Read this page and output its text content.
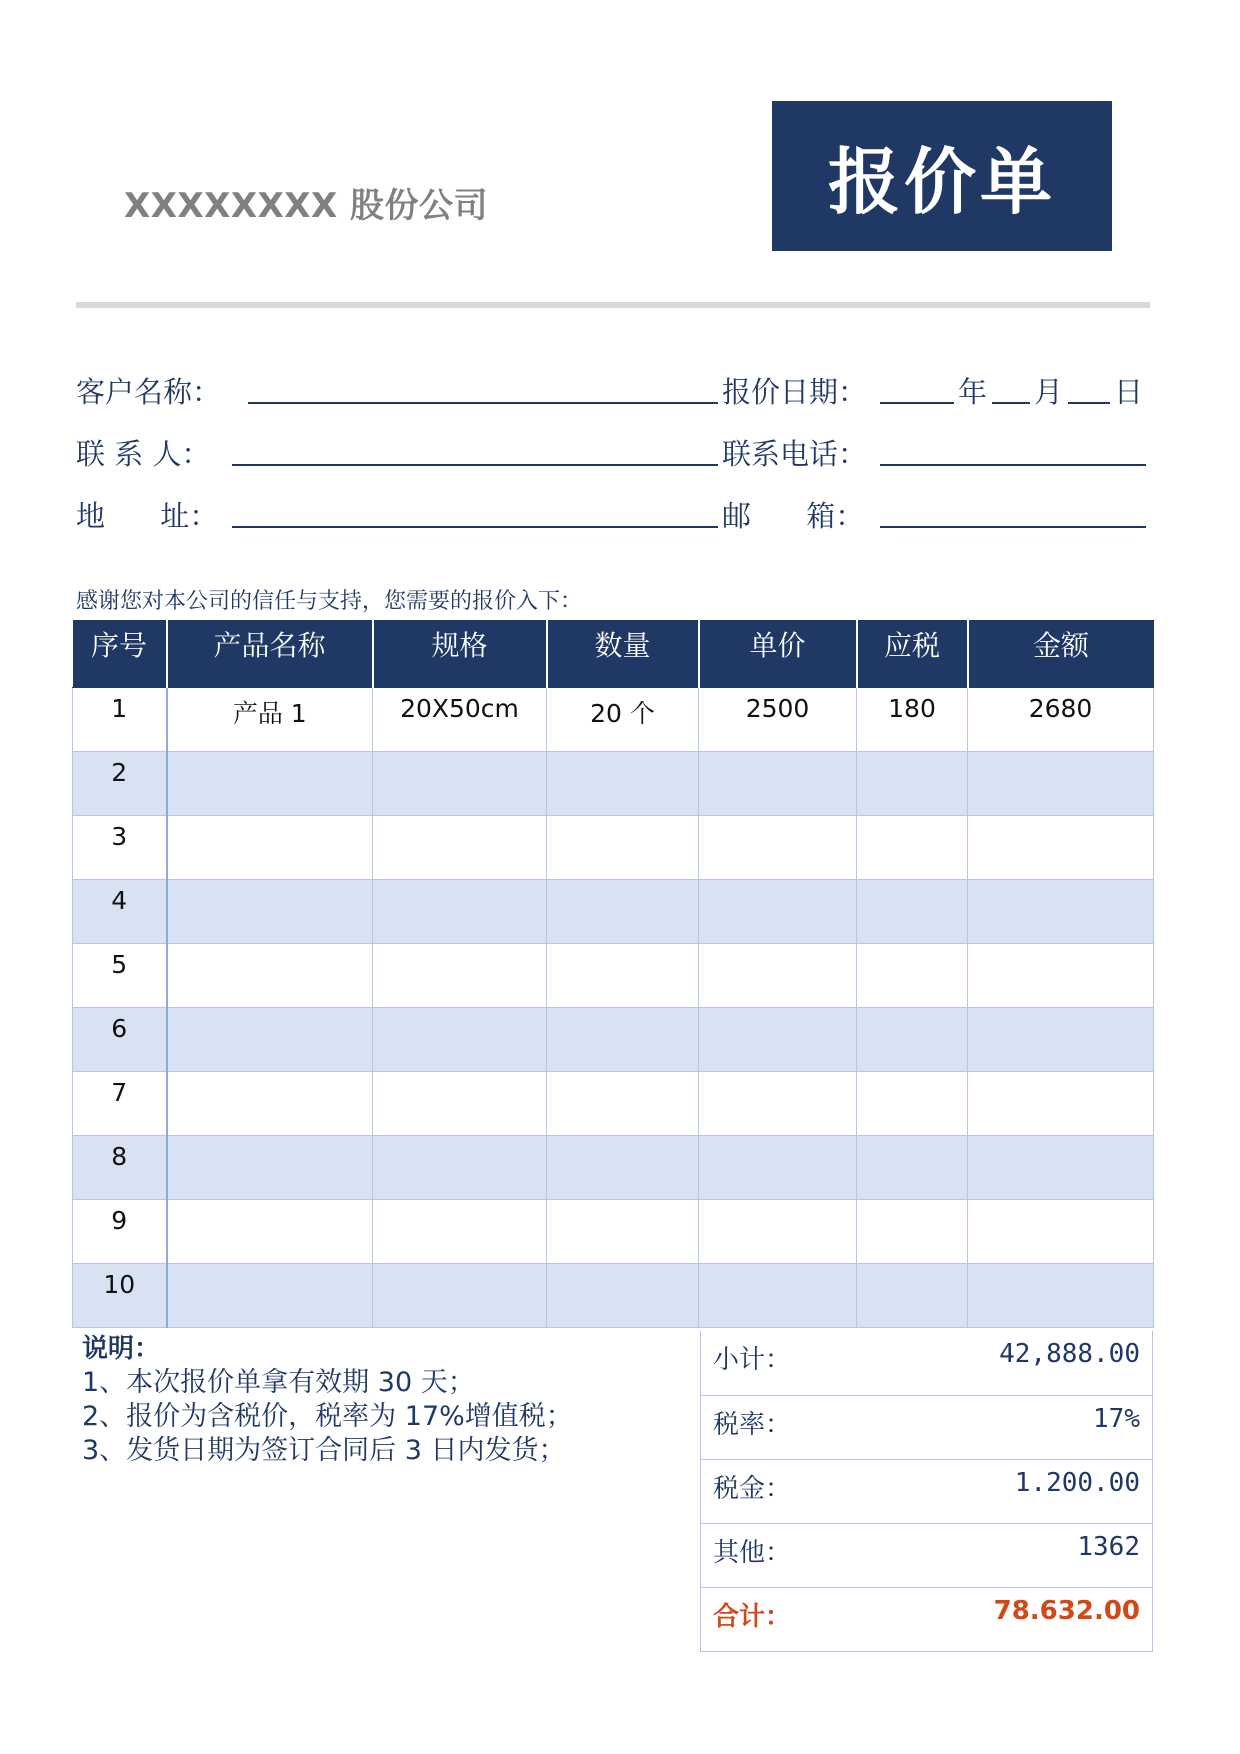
XXXXXXXX 股份公司	报价单
客户名称：	报价日期：	年 月 日
联 系 人：	联系电话：
地      址：	邮      箱：
感谢您对本公司的信任与支持，您需要的报价入下：
序号	产品名称	规格	数量	单价	应税	金额
1	产品 1	20X50cm	20 个	2500	180	2680
2						
3						
4						
5						
6						
7						
8						
9						
10						
说明：
1、本次报价单拿有效期 30 天；
2、报价为含税价，税率为 17%增值税；
3、发货日期为签订合同后 3 日内发货；
小计：	42,888.00
税率：	17%
税金：	1.200.00
其他：	1362
合计：	78.632.00
